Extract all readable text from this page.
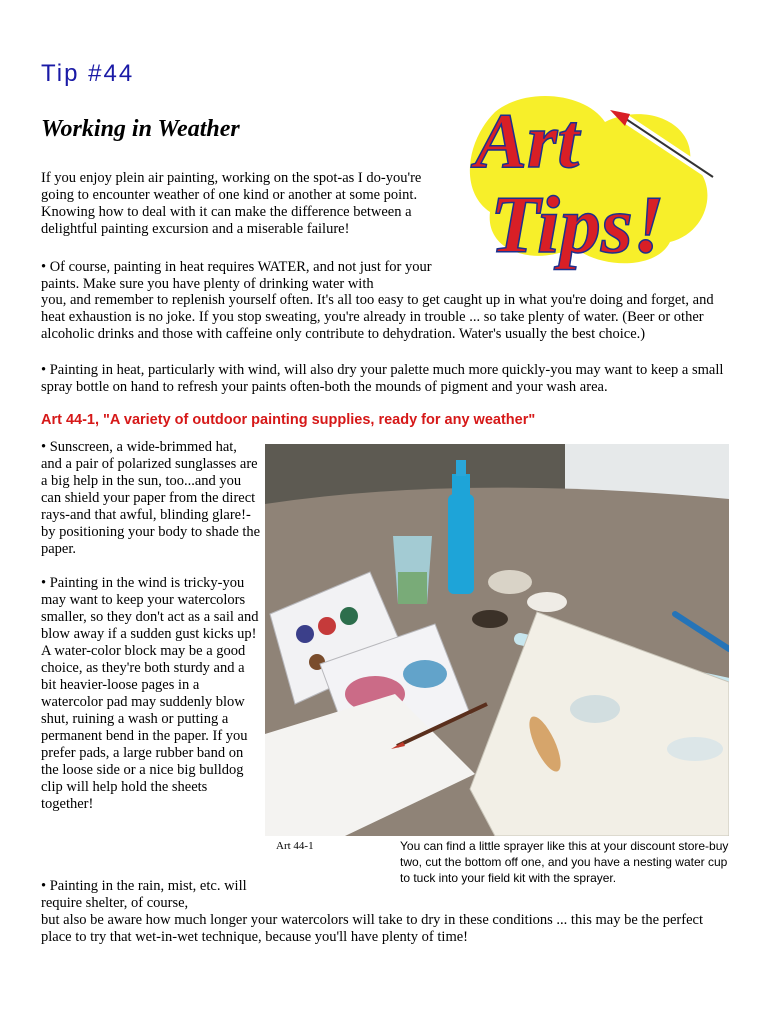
Tip #44
Working in Weather	Art
Tips!

If you enjoy plein air painting, working on the spot-as I do-you're going to encounter weather of one kind or another at some point. Knowing how to deal with it can make the difference between a delightful painting excursion and a miserable failure!

• Of course, painting in heat requires WATER, and not just for your paints. Make sure you have plenty of drinking water with

you, and remember to replenish yourself often. It's all too easy to get caught up in what you're doing and forget, and heat exhaustion is no joke. If you stop sweating, you're already in trouble ... so take plenty of water. (Beer or other alcoholic drinks and those with caffeine only contribute to dehydration. Water's usually the best choice.)

• Painting in heat, particularly with wind, will also dry your palette much more quickly-you may want to keep a small spray bottle on hand to refresh your paints often-both the mounds of pigment and your wash area.

Art 44-1, "A variety of outdoor painting supplies, ready for any weather"

• Sunscreen, a wide-brimmed hat, and a pair of polarized sunglasses are a big help in the sun, too...and you can shield your paper from the direct rays-and that awful, blinding glare!-by positioning your body to shade the paper.

• Painting in the wind is tricky-you may want to keep your watercolors smaller, so they don't act as a sail and blow away if a sudden gust kicks up! A water-color block may be a good choice, as they're both sturdy and a bit heavier-loose pages in a watercolor pad may suddenly blow shut, ruining a wash or putting a permanent bend in the paper. If you prefer pads, a large rubber band on the loose side or a nice big bulldog clip will help hold the sheets together!

Art 44-1	You can find a little sprayer like this at your discount store-buy two, cut the bottom off one, and you have a nesting water cup to tuck into your field kit with the sprayer.

• Painting in the rain, mist, etc. will require shelter, of course,

but also be aware how much longer your watercolors will take to dry in these conditions ... this may be the perfect place to try that wet-in-wet technique, because you'll have plenty of time!
